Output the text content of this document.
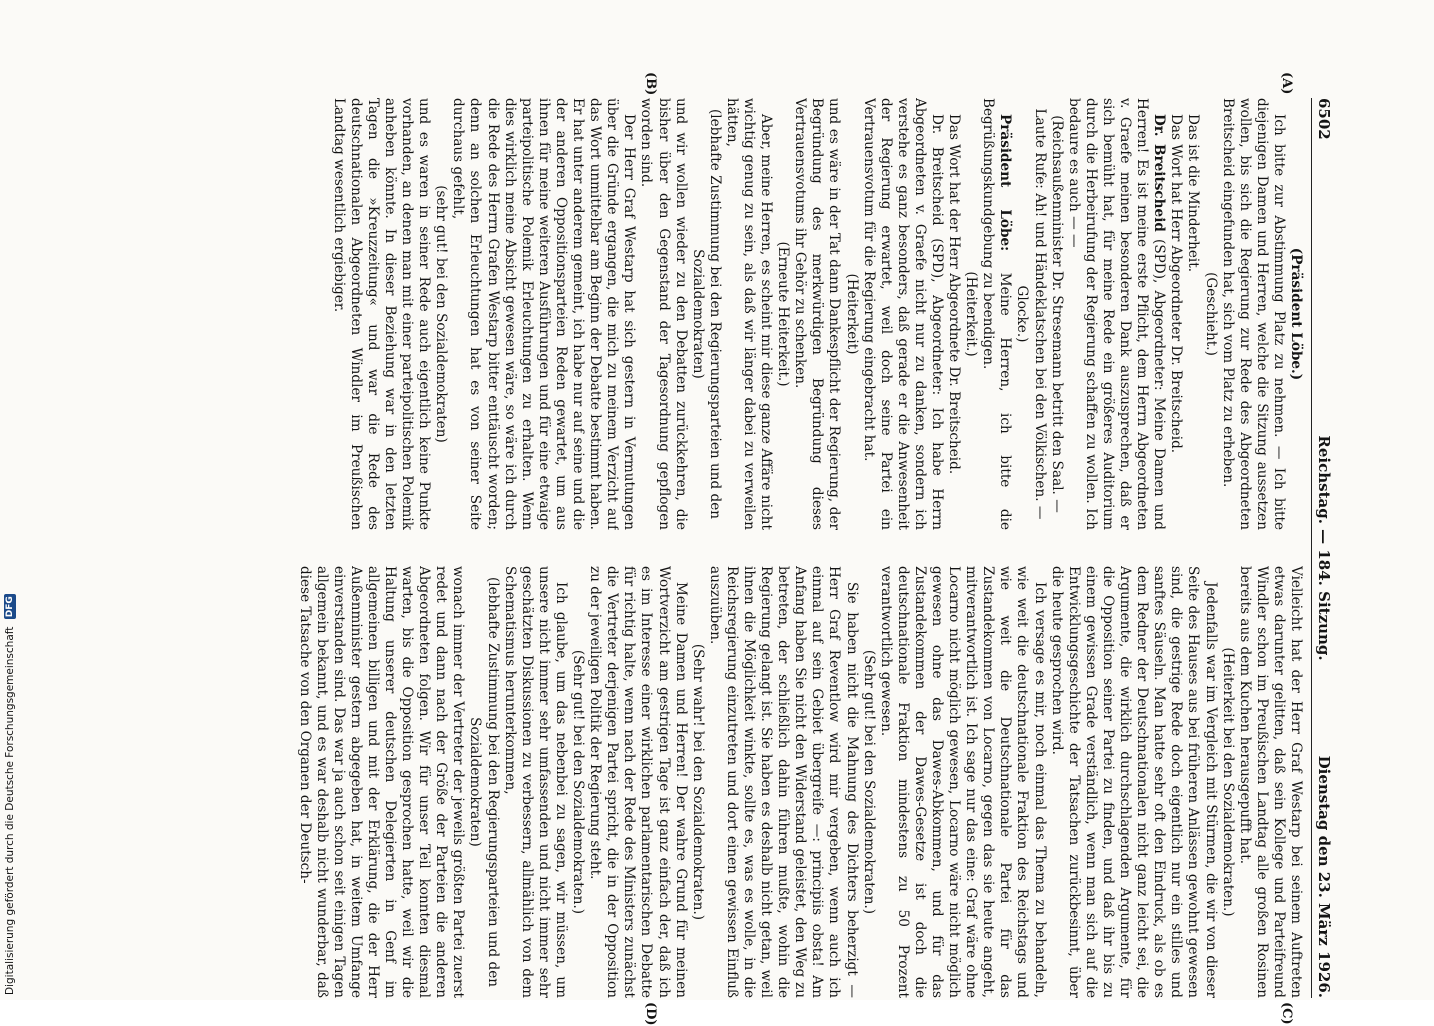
6502
Reichstag. — 184. Sitzung.
Dienstag den 23. März 1926.
(A)
(B)
(C)
(D)

(Präsident Löbe.)

Ich bitte zur Abstimmung Platz zu nehmen. — Ich bitte diejenigen Damen und Herren, welche die Sitzung aussetzen wollen, bis sich die Regierung zur Rede des Abgeordneten Breitscheid eingefunden hat, sich vom Platz zu erheben.

(Geschieht.)

Das ist die Minderheit.

Das Wort hat Herr Abgeordneter Dr. Breitscheid.

Dr. Breitscheid (SPD), Abgeordneter: Meine Damen und Herren! Es ist meine erste Pflicht, dem Herrn Abgeordneten v. Graefe meinen besonderen Dank auszusprechen, daß er sich bemüht hat, für meine Rede ein größeres Auditorium durch die Herbeirufung der Regierung schaffen zu wollen. Ich bedaure es auch — —

(Reichsaußenminister Dr. Stresemann betritt den Saal. — Laute Rufe: Ah! und Händeklatschen bei den Völkischen. — Glocke.)

Präsident Löbe: Meine Herren, ich bitte die Begrüßungskundgebung zu beendigen.

(Heiterkeit.)

Das Wort hat der Herr Abgeordnete Dr. Breitscheid.

Dr. Breitscheid (SPD), Abgeordneter: Ich habe Herrn Abgeordneten v. Graefe nicht nur zu danken, sondern ich verstehe es ganz besonders, daß gerade er die Anwesenheit der Regierung erwartet, weil doch seine Partei ein Vertrauensvotum für die Regierung eingebracht hat.

(Heiterkeit)

und es wäre in der Tat dann Dankespflicht der Regierung, der Begründung des merkwürdigen Begründung dieses Vertrauensvotums ihr Gehör zu schenken.

(Erneute Heiterkeit.)

Aber, meine Herren, es scheint mir diese ganze Affäre nicht wichtig genug zu sein, als daß wir länger dabei zu verweilen hätten,

(lebhafte Zustimmung bei den Regierungsparteien und den Sozialdemokraten)

und wir wollen wieder zu den Debatten zurückkehren, die bisher über den Gegenstand der Tagesordnung gepflogen worden sind.

Der Herr Graf Westarp hat sich gestern in Vermutungen über die Gründe ergangen, die mich zu meinem Verzicht auf das Wort unmittelbar am Beginn der Debatte bestimmt haben. Er hat unter anderem gemeint, ich habe nur auf seine und die der anderen Oppositionsparteien Reden gewartet, um aus ihnen für meine weiteren Ausführungen und für eine etwaige parteipolitische Polemik Erleuchtungen zu erhalten. Wenn dies wirklich meine Absicht gewesen wäre, so wäre ich durch die Rede des Herrn Grafen Westarp bitter enttäuscht worden; denn an solchen Erleuchtungen hat es von seiner Seite durchaus gefehlt,

(sehr gut! bei den Sozialdemokraten)

und es waren in seiner Rede auch eigentlich keine Punkte vorhanden, an denen man mit einer parteipolitischen Polemik anheben könnte. In dieser Beziehung war in den letzten Tagen die »Kreuzzeitung« und war die Rede des deutschnationalen Abgeordneten Windler im Preußischen Landtag wesentlich ergiebiger.

Vielleicht hat der Herr Graf Westarp bei seinem Auftreten etwas darunter gelitten, daß sein Kollege und Parteifreund Windler schon im Preußischen Landtag alle großen Rosinen bereits aus dem Kuchen herausgepufft hat.

(Heiterkeit bei den Sozialdemokraten.)

Jedenfalls war im Vergleich mit Stürmen, die wir von dieser Seite des Hauses aus bei früheren Anlässen gewohnt gewesen sind, die gestrige Rede doch eigentlich nur ein stilles und sanftes Säuseln. Man hatte sehr oft den Eindruck, als ob es dem Redner der Deutschnationalen nicht ganz leicht sei, die Argumente, die wirklich durchschlagenden Argumente, für die Opposition seiner Partei zu finden, und daß ihr bis zu einem gewissen Grade verständlich, wenn man sich auf die Entwicklungsgeschichte der Tatsachen zurückbesinnt, über die heute gesprochen wird.

Ich versage es mir, noch einmal das Thema zu behandeln, wie weit die deutschnationale Fraktion des Reichstags und wie weit die Deutschnationale Partei für das Zustandekommen von Locarno, gegen das sie heute angeht, mitverantwortlich ist. Ich sage nur das eine: Graf wäre ohne Locarno nicht möglich gewesen, Locarno wäre nicht möglich gewesen ohne das Dawes-Abkommen, und für das Zustandekommen der Dawes-Gesetze ist doch die deutschnationale Fraktion mindestens zu 50 Prozent verantwortlich gewesen.

(Sehr gut! bei den Sozialdemokraten.)

Sie haben nicht die Mahnung des Dichters beherzigt — Herr Graf Reventlow wird mir vergeben, wenn auch ich einmal auf sein Gebiet übergreife —: principiis obsta! Am Anfang haben Sie nicht den Widerstand geleistet, den Weg zu betreten, der schließlich dahin führen mußte, wohin die Regierung gelangt ist. Sie haben es deshalb nicht getan, weil ihnen die Möglichkeit winkte, sollte es, was es wolle, in die Reichsregierung einzutreten und dort einen gewissen Einfluß auszuüben.

(Sehr wahr! bei den Sozialdemokraten.)

Meine Damen und Herren! Der wahre Grund für meinen Wortverzicht am gestrigen Tage ist ganz einfach der, daß ich es im Interesse einer wirklichen parlamentarischen Debatte für richtig halte, wenn nach der Rede des Ministers zunächst die Vertreter derjenigen Partei spricht, die in der Opposition zu der jeweiligen Politik der Regierung steht.

(Sehr gut! bei den Sozialdemokraten.)

Ich glaube, um das nebenbei zu sagen, wir müssen, um unsere nicht immer sehr umfassenden und nicht immer sehr geschätzten Diskussionen zu verbessern, allmählich von dem Schematismus herunterkommen,

(lebhafte Zustimmung bei den Regierungsparteien und den Sozialdemokraten)

wonach immer der Vertreter der jeweils größten Partei zuerst redet und dann nach der Größe der Parteien die anderen Abgeordneten folgen. Wir für unser Teil konnten diesmal warten, bis die Opposition gesprochen hatte, weil wir die Haltung unserer deutschen Delegierten in Genf im allgemeinen billigen und mit der Erklärung, die der Herr Außenminister gestern abgegeben hat, in weitem Umfange einverstanden sind. Das war ja auch schon seit einigen Tagen allgemein bekannt, und es war deshalb nicht wunderbar, daß diese Tatsache von den Organen der Deutsch-

Digitalisierung gefördert durch die Deutsche Forschungsgemeinschaft DFG
